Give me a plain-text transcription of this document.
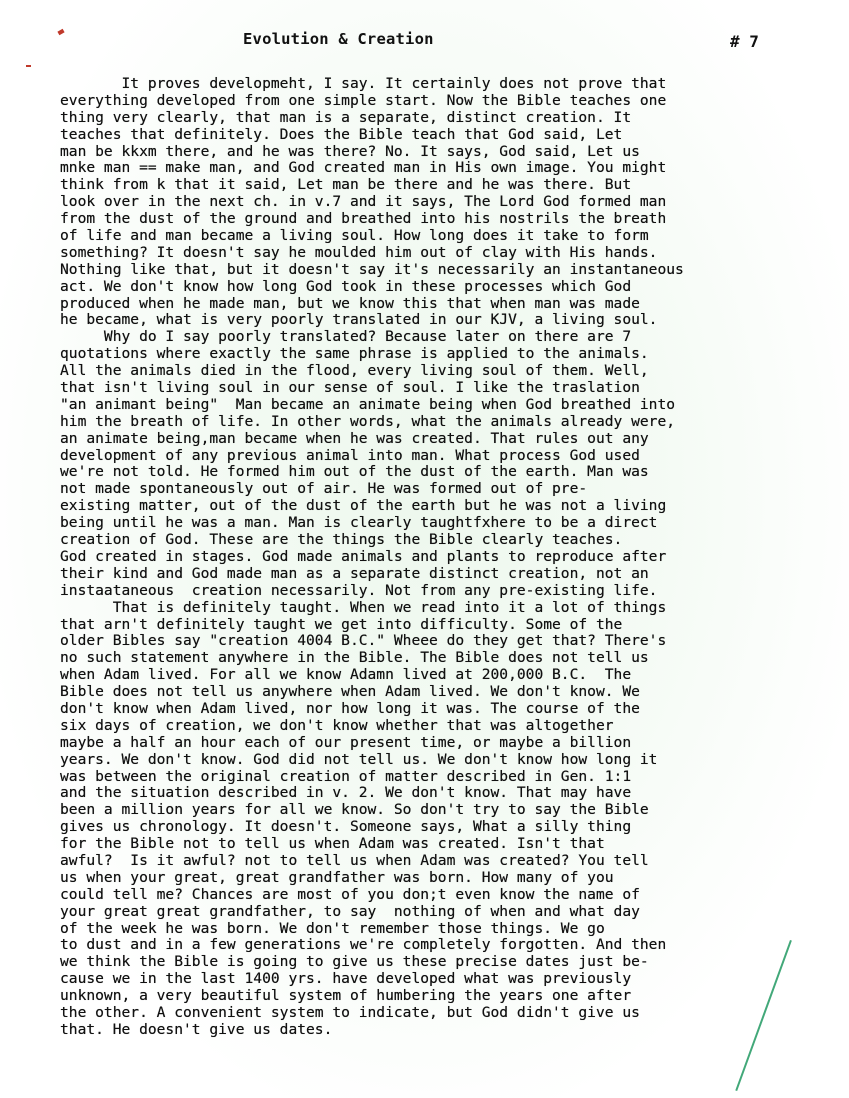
Evolution & Creation	# 7
It proves developmeht, I say. It certainly does not prove that
everything developed from one simple start. Now the Bible teaches one
thing very clearly, that man is a separate, distinct creation. It
teaches that definitely. Does the Bible teach that God said, Let
man be kkxm there, and he was there? No. It says, God said, Let us
mnke man == make man, and God created man in His own image. You might
think from k that it said, Let man be there and he was there. But
look over in the next ch. in v.7 and it says, The Lord God formed man
from the dust of the ground and breathed into his nostrils the breath
of life and man became a living soul. How long does it take to form
something? It doesn't say he moulded him out of clay with His hands.
Nothing like that, but it doesn't say it's necessarily an instantaneous
act. We don't know how long God took in these processes which God
produced when he made man, but we know this that when man was made
he became, what is very poorly translated in our KJV, a living soul.
Why do I say poorly translated? Because later on there are 7
quotations where exactly the same phrase is applied to the animals.
All the animals died in the flood, every living soul of them. Well,
that isn't living soul in our sense of soul. I like the traslation
"an animant being"  Man became an animate being when God breathed into
him the breath of life. In other words, what the animals already were,
an animate being,man became when he was created. That rules out any
development of any previous animal into man. What process God used
we're not told. He formed him out of the dust of the earth. Man was
not made spontaneously out of air. He was formed out of pre-
existing matter, out of the dust of the earth but he was not a living
being until he was a man. Man is clearly taughtfxhere to be a direct
creation of God. These are the things the Bible clearly teaches.
God created in stages. God made animals and plants to reproduce after
their kind and God made man as a separate distinct creation, not an
instaataneous  creation necessarily. Not from any pre-existing life.
That is definitely taught. When we read into it a lot of things
that arn't definitely taught we get into difficulty. Some of the
older Bibles say "creation 4004 B.C." Wheee do they get that? There's
no such statement anywhere in the Bible. The Bible does not tell us
when Adam lived. For all we know Adamn lived at 200,000 B.C.  The
Bible does not tell us anywhere when Adam lived. We don't know. We
don't know when Adam lived, nor how long it was. The course of the
six days of creation, we don't know whether that was altogether
maybe a half an hour each of our present time, or maybe a billion
years. We don't know. God did not tell us. We don't know how long it
was between the original creation of matter described in Gen. 1:1
and the situation described in v. 2. We don't know. That may have
been a million years for all we know. So don't try to say the Bible
gives us chronology. It doesn't. Someone says, What a silly thing
for the Bible not to tell us when Adam was created. Isn't that
awful?  Is it awful? not to tell us when Adam was created? You tell
us when your great, great grandfather was born. How many of you
could tell me? Chances are most of you don;t even know the name of
your great great grandfather, to say  nothing of when and what day
of the week he was born. We don't remember those things. We go
to dust and in a few generations we're completely forgotten. And then
we think the Bible is going to give us these precise dates just be-
cause we in the last 1400 yrs. have developed what was previously
unknown, a very beautiful system of humbering the years one after
the other. A convenient system to indicate, but God didn't give us
that. He doesn't give us dates.
